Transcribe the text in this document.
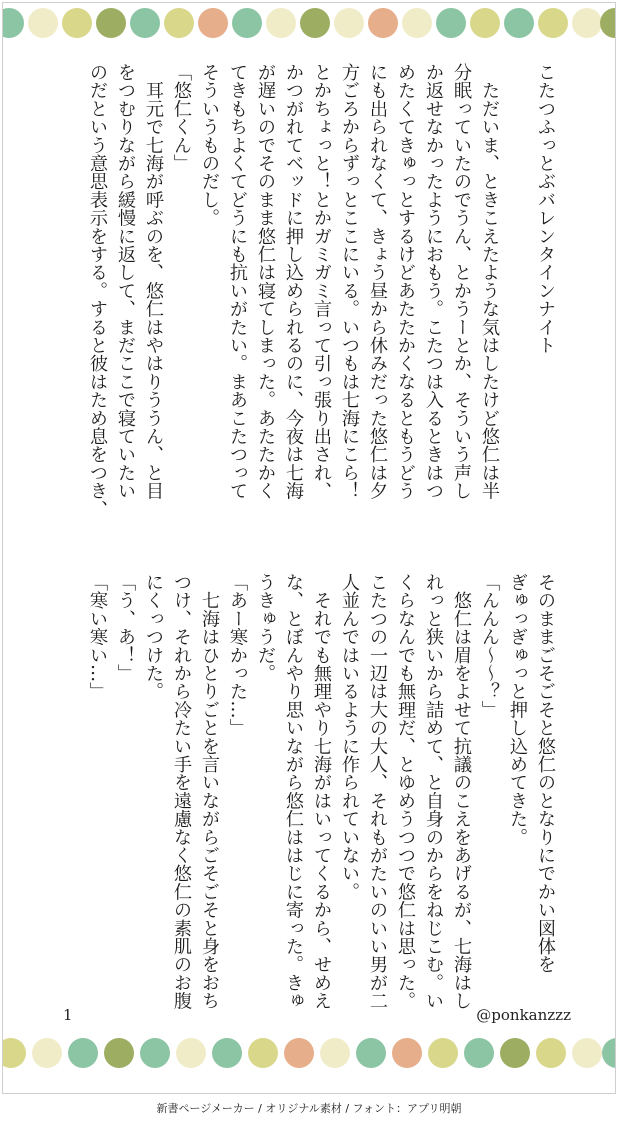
こたつふっとぶバレンタインナイト
　ただいま、ときこえたような気はしたけど悠仁は半
分眠っていたのでうん、とかうーとか、そういう声し
か返せなかったようにおもう。こたつは入るときはつ
めたくてきゅっとするけどあたたかくなるともうどう
にも出られなくて、きょう昼から休みだった悠仁は夕
方ごろからずっとここにいる。いつもは七海にこら！
とかちょっと！とかガミガミ言って引っ張り出され、
かつがれてベッドに押し込められるのに、今夜は七海
が遅いのでそのまま悠仁は寝てしまった。あたたかく
てきもちよくてどうにも抗いがたい。まあこたつって
そういうものだし。
「悠仁くん」
　耳元で七海が呼ぶのを、悠仁はやはりううん、と目
をつむりながら緩慢に返して、まだここで寝ていたい
のだという意思表示をする。すると彼はため息をつき、
そのままごそごそと悠仁のとなりにでかい図体を
ぎゅっぎゅっと押し込めてきた。
「んんん〜〜？」
　悠仁は眉をよせて抗議のこえをあげるが、七海はし
れっと狭いから詰めて、と自身のからをねじこむ。い
くらなんでも無理だ、とゆめうつつで悠仁は思った。
こたつの一辺は大の大人、それもがたいのいい男が二
人並んではいるように作られていない。
　それでも無理やり七海がはいってくるから、せめえ
な、とぼんやり思いながら悠仁ははじに寄った。きゅ
うきゅうだ。
「あー寒かった…」
　七海はひとりごとを言いながらごそごそと身をおち
つけ、それから冷たい手を遠慮なく悠仁の素肌のお腹
にくっつけた。
「う、あ！」
「寒い寒い…」
1	@ponkanzzz
新書ページメーカー / オリジナル素材 / フォント：アプリ明朝
